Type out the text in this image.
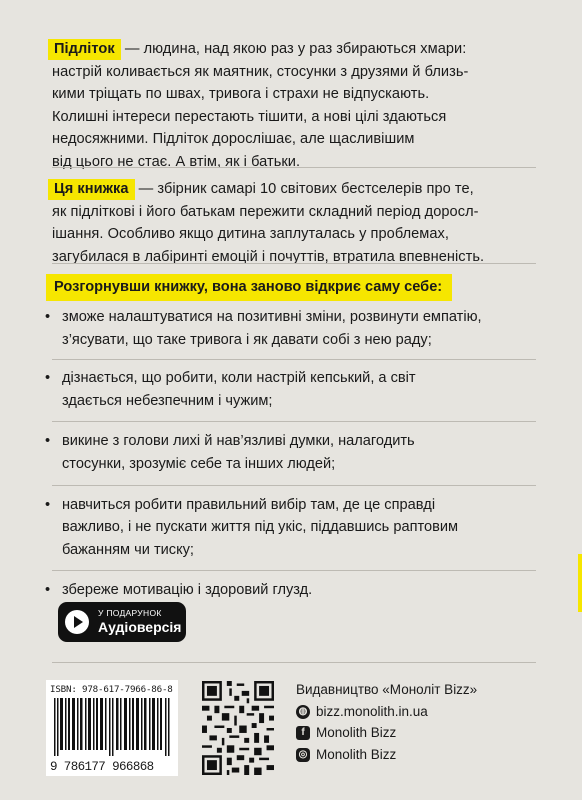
Підліток — людина, над якою раз у раз збираються хмари:
настрій коливається як маятник, стосунки з друзями й близь-
кими тріщать по швах, тривога і страхи не відпускають.
Колишні інтереси перестають тішити, а нові цілі здаються
недосяжними. Підліток дорослішає, але щасливішим
від цього не стає. А втім, як і батьки.
Ця книжка — збірник самарі 10 світових бестселерів про те,
як підліткові і його батькам пережити складний період доросл-
ішання. Особливо якщо дитина заплуталась у проблемах,
загубилася в лабіринті емоцій і почуттів, втратила впевненість.
Розгорнувши книжку, вона заново відкриє саму себе:
• зможе налаштуватися на позитивні зміни, розвинути емпатію,
з’ясувати, що таке тривога і як давати собі з нею раду;
• дізнається, що робити, коли настрій кепський, а світ
здається небезпечним і чужим;
• викине з голови лихі й нав’язливі думки, налагодить
стосунки, зрозуміє себе та інших людей;
• навчиться робити правильний вибір там, де це справді
важливо, і не пускати життя під укіс, піддавшись раптовим
бажанням чи тиску;
• збереже мотивацію і здоровий глузд.
У ПОДАРУНОК
Аудіоверсія
ISBN: 978-617-7966-86-8
9 786177 966868
Видавництво «Моноліт Bizz»
◍ bizz.monolith.in.ua
f Monolith Bizz
◎ Monolith Bizz
